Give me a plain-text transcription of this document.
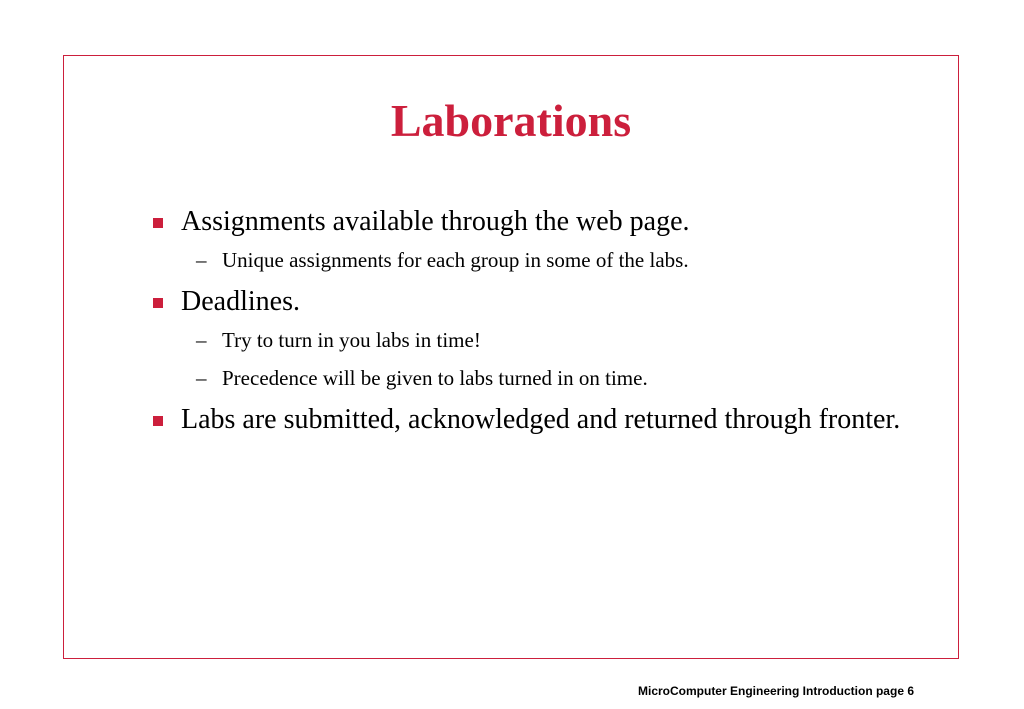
Laborations
Assignments available through the web page.
– Unique assignments for each group in some of the labs.
Deadlines.
– Try to turn in you labs in time!
– Precedence will be given to labs turned in on time.
Labs are submitted, acknowledged and returned through fronter.
MicroComputer Engineering Introduction page 6
